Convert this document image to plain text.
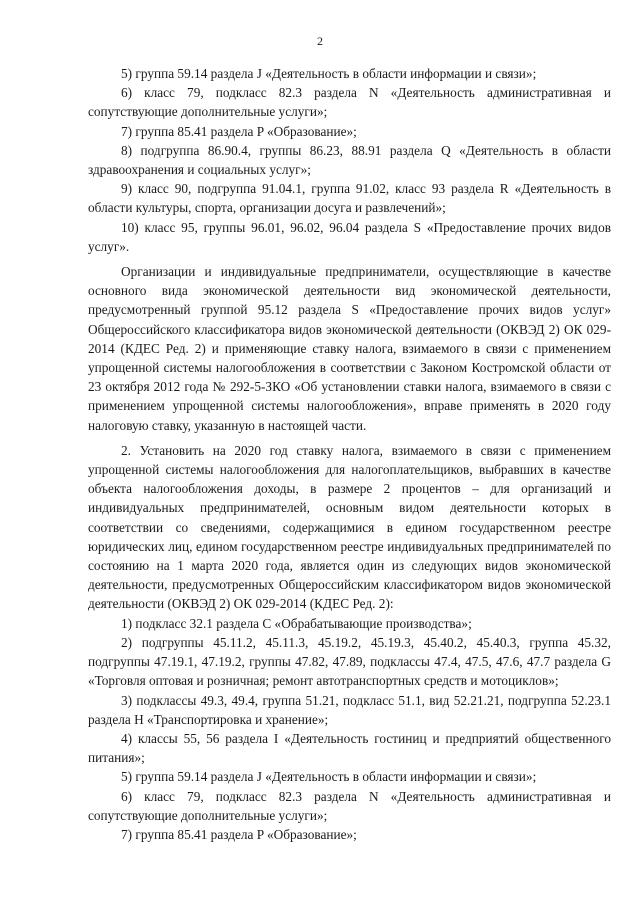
2

5) группа 59.14 раздела J «Деятельность в области информации и связи»;

6) класс 79, подкласс 82.3 раздела N «Деятельность административная и сопутствующие дополнительные услуги»;

7) группа 85.41 раздела P «Образование»;

8) подгруппа 86.90.4, группы 86.23, 88.91 раздела Q «Деятельность в области здравоохранения и социальных услуг»;

9) класс 90, подгруппа 91.04.1, группа 91.02, класс 93 раздела R «Деятельность в области культуры, спорта, организации досуга и развлечений»;

10) класс 95, группы 96.01, 96.02, 96.04 раздела S «Предоставление прочих видов услуг».

Организации и индивидуальные предприниматели, осуществляющие в качестве основного вида экономической деятельности вид экономической деятельности, предусмотренный группой 95.12 раздела S «Предоставление прочих видов услуг» Общероссийского классификатора видов экономической деятельности (ОКВЭД 2) ОК 029-2014 (КДЕС Ред. 2) и применяющие ставку налога, взимаемого в связи с применением упрощенной системы налогообложения в соответствии с Законом Костромской области от 23 октября 2012 года № 292-5-ЗКО «Об установлении ставки налога, взимаемого в связи с применением упрощенной системы налогообложения», вправе применять в 2020 году налоговую ставку, указанную в настоящей части.

2. Установить на 2020 год ставку налога, взимаемого в связи с применением упрощенной системы налогообложения для налогоплательщиков, выбравших в качестве объекта налогообложения доходы, в размере 2 процентов – для организаций и индивидуальных предпринимателей, основным видом деятельности которых в соответствии со сведениями, содержащимися в едином государственном реестре юридических лиц, едином государственном реестре индивидуальных предпринимателей по состоянию на 1 марта 2020 года, является один из следующих видов экономической деятельности, предусмотренных Общероссийским классификатором видов экономической деятельности (ОКВЭД 2) ОК 029-2014 (КДЕС Ред. 2):

1) подкласс 32.1 раздела C «Обрабатывающие производства»;

2) подгруппы 45.11.2, 45.11.3, 45.19.2, 45.19.3, 45.40.2, 45.40.3, группа 45.32, подгруппы 47.19.1, 47.19.2, группы 47.82, 47.89, подклассы 47.4, 47.5, 47.6, 47.7 раздела G «Торговля оптовая и розничная; ремонт автотранспортных средств и мотоциклов»;

3) подклассы 49.3, 49.4, группа 51.21, подкласс 51.1, вид 52.21.21, подгруппа 52.23.1 раздела H «Транспортировка и хранение»;

4) классы 55, 56 раздела I «Деятельность гостиниц и предприятий общественного питания»;

5) группа 59.14 раздела J «Деятельность в области информации и связи»;

6) класс 79, подкласс 82.3 раздела N «Деятельность административная и сопутствующие дополнительные услуги»;

7) группа 85.41 раздела P «Образование»;
